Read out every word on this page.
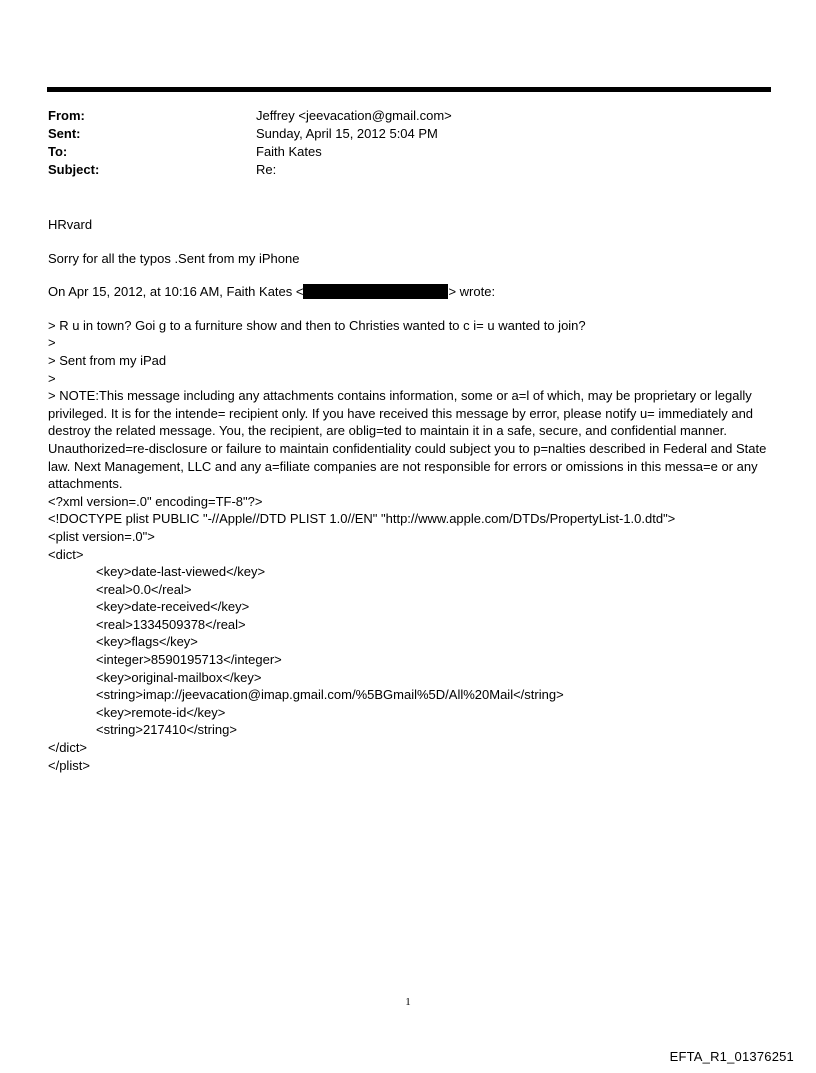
From:	Jeffrey <jeevacation@gmail.com>
Sent:	Sunday, April 15, 2012 5:04 PM
To:	Faith Kates
Subject:	Re:

HRvard

Sorry for all the typos .Sent from my iPhone

On Apr 15, 2012, at 10:16 AM, Faith Kates <	> wrote:

> R u in town? Goi g to a furniture show and then to Christies wanted to c i= u wanted to join?

>

> Sent from my iPad

>

> NOTE:This message including any attachments contains information, some or a=l of which, may be proprietary or legally privileged. It is for the intende= recipient only. If you have received this message by error, please notify u= immediately and destroy the related message. You, the recipient, are oblig=ted to maintain it in a safe, secure, and confidential manner. Unauthorized=re-disclosure or failure to maintain confidentiality could subject you to p=nalties described in Federal and State law. Next Management, LLC and any a=filiate companies are not responsible for errors or omissions in this messa=e or any attachments.

<?xml version=.0" encoding=TF-8"?>

<!DOCTYPE plist PUBLIC "-//Apple//DTD PLIST 1.0//EN" "http://www.apple.com/DTDs/PropertyList-1.0.dtd">

<plist version=.0">

<dict>

<key>date-last-viewed</key>

<real>0.0</real>

<key>date-received</key>

<real>1334509378</real>

<key>flags</key>

<integer>8590195713</integer>

<key>original-mailbox</key>

<string>imap://jeevacation@imap.gmail.com/%5BGmail%5D/All%20Mail</string>

<key>remote-id</key>

<string>217410</string>

</dict>

</plist>

1
EFTA_R1_01376251
